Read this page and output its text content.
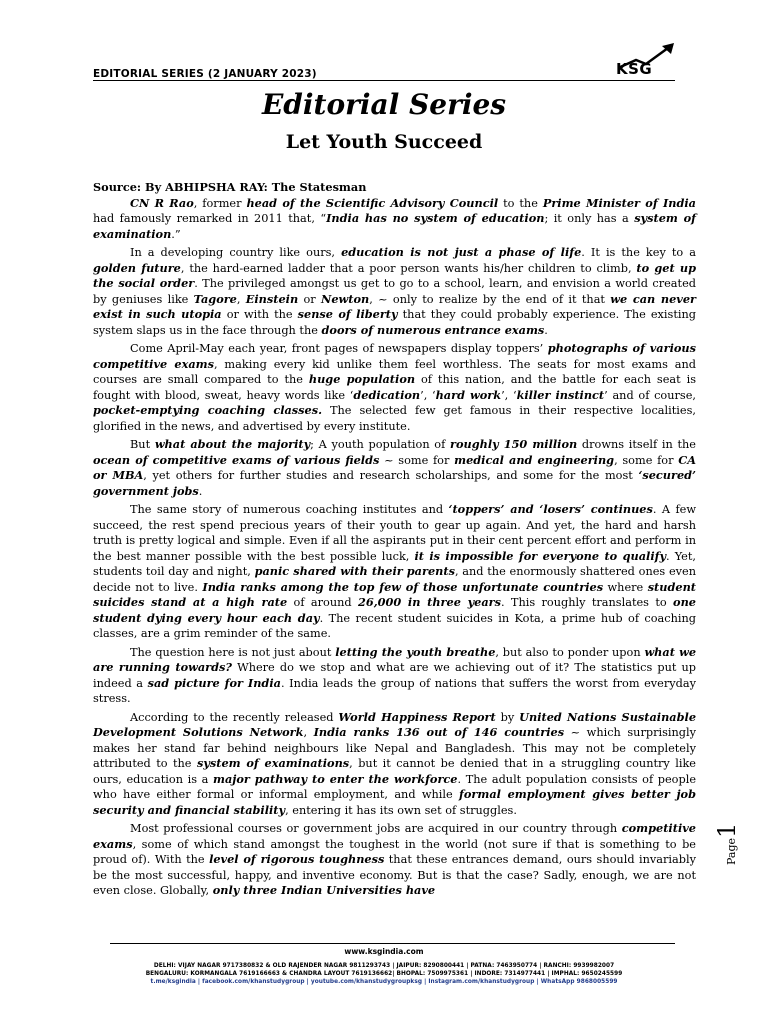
EDITORIAL SERIES (2 JANUARY 2023)	KSG
Editorial Series
Let Youth Succeed

Source: By ABHIPSHA RAY: The Statesman

CN R Rao, former head of the Scientific Advisory Council to the Prime Minister of India had famously remarked in 2011 that, “India has no system of education; it only has a system of examination.”

In a developing country like ours, education is not just a phase of life. It is the key to a golden future, the hard-earned ladder that a poor person wants his/her children to climb, to get up the social order. The privileged amongst us get to go to a school, learn, and envision a world created by geniuses like Tagore, Einstein or Newton, ~ only to realize by the end of it that we can never exist in such utopia or with the sense of liberty that they could probably experience. The existing system slaps us in the face through the doors of numerous entrance exams.

Come April-May each year, front pages of newspapers display toppers’ photographs of various competitive exams, making every kid unlike them feel worthless. The seats for most exams and courses are small compared to the huge population of this nation, and the battle for each seat is fought with blood, sweat, heavy words like ‘dedication’, ‘hard work’, ‘killer instinct’ and of course, pocket-emptying coaching classes. The selected few get famous in their respective localities, glorified in the news, and advertised by every institute.

But what about the majority; A youth population of roughly 150 million drowns itself in the ocean of competitive exams of various fields ~ some for medical and engineering, some for CA or MBA, yet others for further studies and research scholarships, and some for the most ‘secured’ government jobs.

The same story of numerous coaching institutes and ‘toppers’ and ‘losers’ continues. A few succeed, the rest spend precious years of their youth to gear up again. And yet, the hard and harsh truth is pretty logical and simple. Even if all the aspirants put in their cent percent effort and perform in the best manner possible with the best possible luck, it is impossible for everyone to qualify. Yet, students toil day and night, panic shared with their parents, and the enormously shattered ones even decide not to live. India ranks among the top few of those unfortunate countries where student suicides stand at a high rate of around 26,000 in three years. This roughly translates to one student dying every hour each day. The recent student suicides in Kota, a prime hub of coaching classes, are a grim reminder of the same.

The question here is not just about letting the youth breathe, but also to ponder upon what we are running towards? Where do we stop and what are we achieving out of it? The statistics put up indeed a sad picture for India. India leads the group of nations that suffers the worst from everyday stress.

According to the recently released World Happiness Report by United Nations Sustainable Development Solutions Network, India ranks 136 out of 146 countries ~ which surprisingly makes her stand far behind neighbours like Nepal and Bangladesh. This may not be completely attributed to the system of examinations, but it cannot be denied that in a struggling country like ours, education is a major pathway to enter the workforce. The adult population consists of people who have either formal or informal employment, and while formal employment gives better job security and financial stability, entering it has its own set of struggles.

Most professional courses or government jobs are acquired in our country through competitive exams, some of which stand amongst the toughest in the world (not sure if that is something to be proud of). With the level of rigorous toughness that these entrances demand, ours should invariably be the most successful, happy, and inventive economy. But is that the case? Sadly, enough, we are not even close. Globally, only three Indian Universities have

Page1
www.ksgindia.com
DELHI: VIJAY NAGAR 9717380832 & OLD RAJENDER NAGAR 9811293743 | JAIPUR: 8290800441 | PATNA: 7463950774 | RANCHI: 9939982007
BENGALURU: KORMANGALA 7619166663 & CHANDRA LAYOUT 7619136662| BHOPAL: 7509975361 | INDORE: 7314977441 | IMPHAL: 9650245599
t.me/ksgindia | facebook.com/khanstudygroup | youtube.com/khanstudygroupksg | Instagram.com/khanstudygroup | WhatsApp 9868005599
